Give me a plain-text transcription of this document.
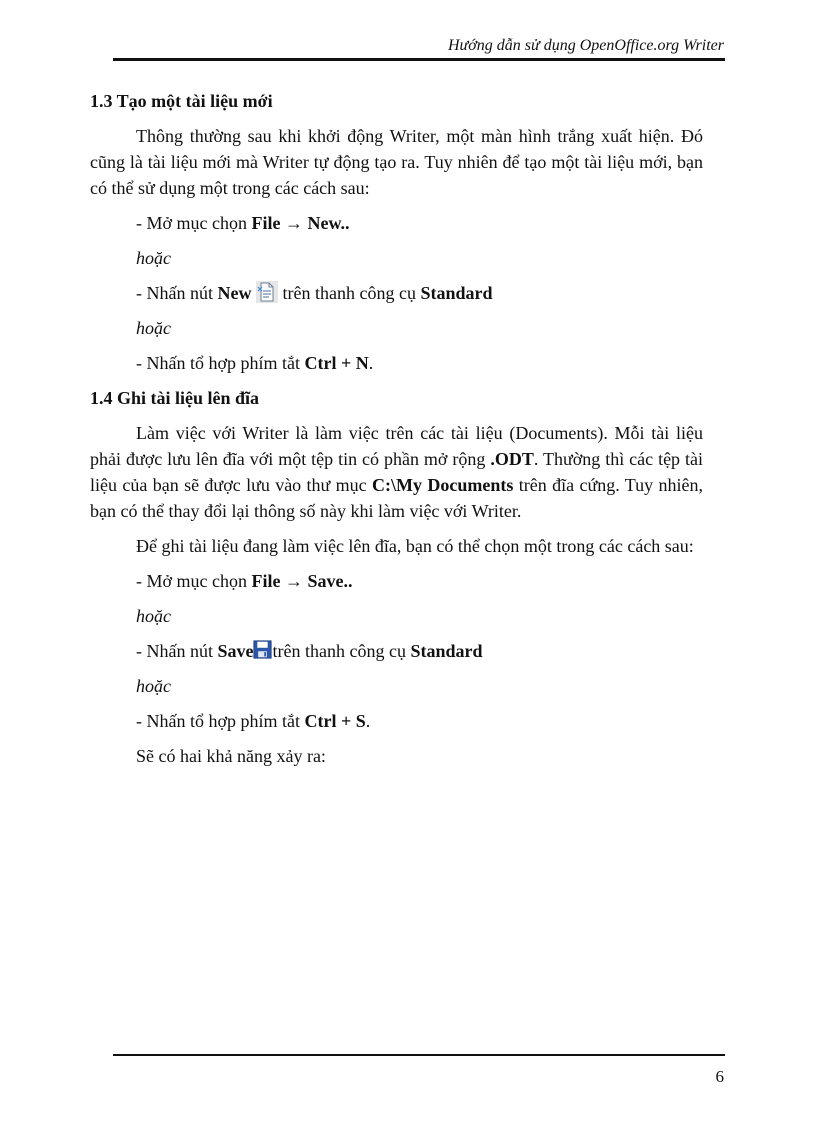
Hướng dẫn sử dụng OpenOffice.org Writer
1.3 Tạo một tài liệu mới

Thông thường sau khi khởi động Writer, một màn hình trắng xuất hiện. Đó cũng là tài liệu mới mà Writer tự động tạo ra. Tuy nhiên để tạo một tài liệu mới, bạn có thể sử dụng một trong các cách sau:

- Mở mục chọn File → New..

hoặc

- Nhấn nút New  trên thanh công cụ Standard

hoặc

- Nhấn tổ hợp phím tắt Ctrl + N.

1.4 Ghi tài liệu lên đĩa

Làm việc với Writer là làm việc trên các tài liệu (Documents). Mỗi tài liệu phải được lưu lên đĩa với một tệp tin có phần mở rộng .ODT. Thường thì các tệp tài liệu của bạn sẽ được lưu vào thư mục C:\My Documents trên đĩa cứng. Tuy nhiên, bạn có thể thay đổi lại thông số này khi làm việc với Writer.

Để ghi tài liệu đang làm việc lên đĩa, bạn có thể chọn một trong các cách sau:

- Mở mục chọn File → Save..

hoặc

- Nhấn nút Save trên thanh công cụ Standard

hoặc

- Nhấn tổ hợp phím tắt Ctrl + S.

Sẽ có hai khả năng xảy ra:

6
